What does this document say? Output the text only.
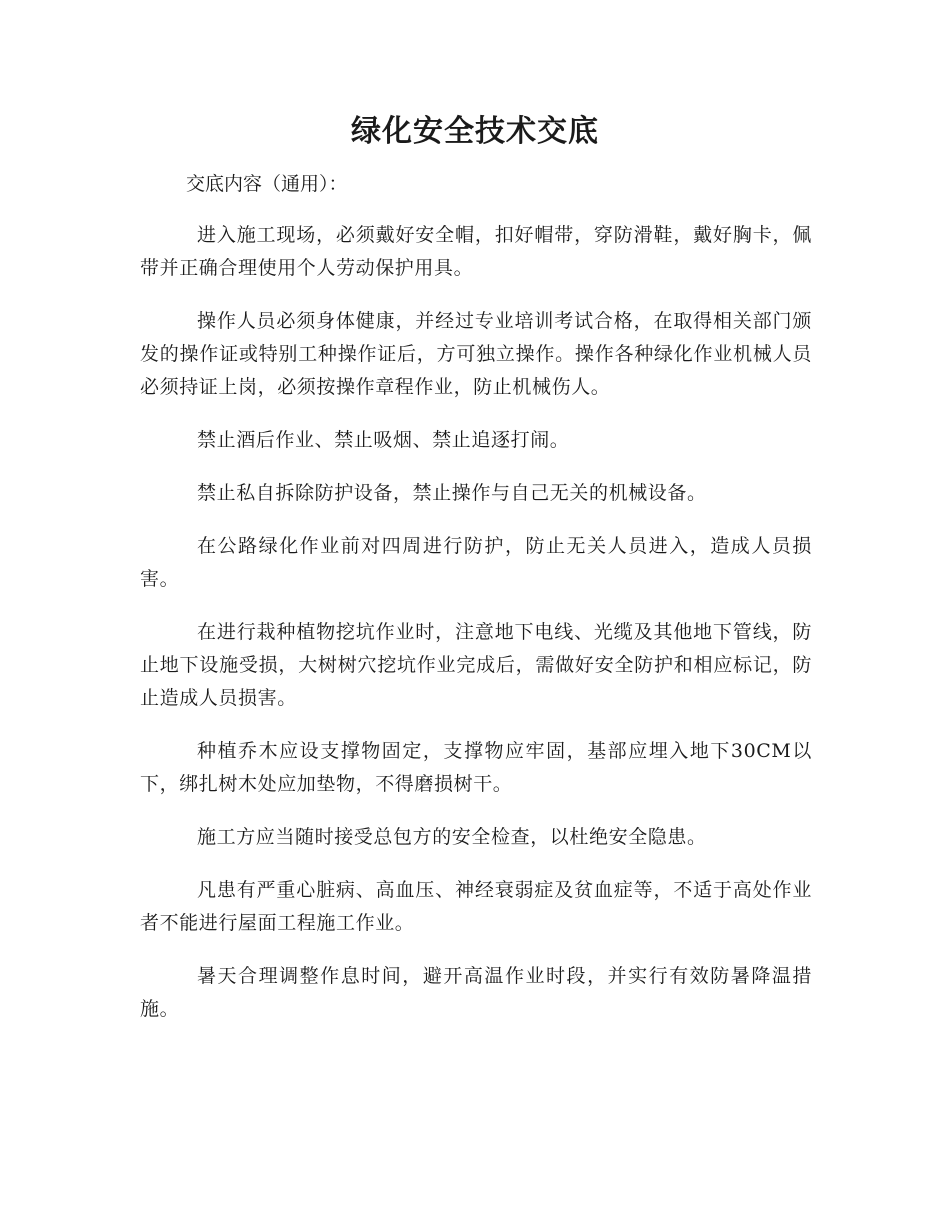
绿化安全技术交底
交底内容（通用）：

进入施工现场，必须戴好安全帽，扣好帽带，穿防滑鞋，戴好胸卡，佩带并正确合理使用个人劳动保护用具。

操作人员必须身体健康，并经过专业培训考试合格，在取得相关部门颁发的操作证或特别工种操作证后，方可独立操作。操作各种绿化作业机械人员必须持证上岗，必须按操作章程作业，防止机械伤人。

禁止酒后作业、禁止吸烟、禁止追逐打闹。

禁止私自拆除防护设备，禁止操作与自己无关的机械设备。

在公路绿化作业前对四周进行防护，防止无关人员进入，造成人员损害。

在进行栽种植物挖坑作业时，注意地下电线、光缆及其他地下管线，防止地下设施受损，大树树穴挖坑作业完成后，需做好安全防护和相应标记，防止造成人员损害。

种植乔木应设支撑物固定，支撑物应牢固，基部应埋入地下30CM以下，绑扎树木处应加垫物，不得磨损树干。

施工方应当随时接受总包方的安全检查，以杜绝安全隐患。

凡患有严重心脏病、高血压、神经衰弱症及贫血症等，不适于高处作业者不能进行屋面工程施工作业。

暑天合理调整作息时间，避开高温作业时段，并实行有效防暑降温措施。
